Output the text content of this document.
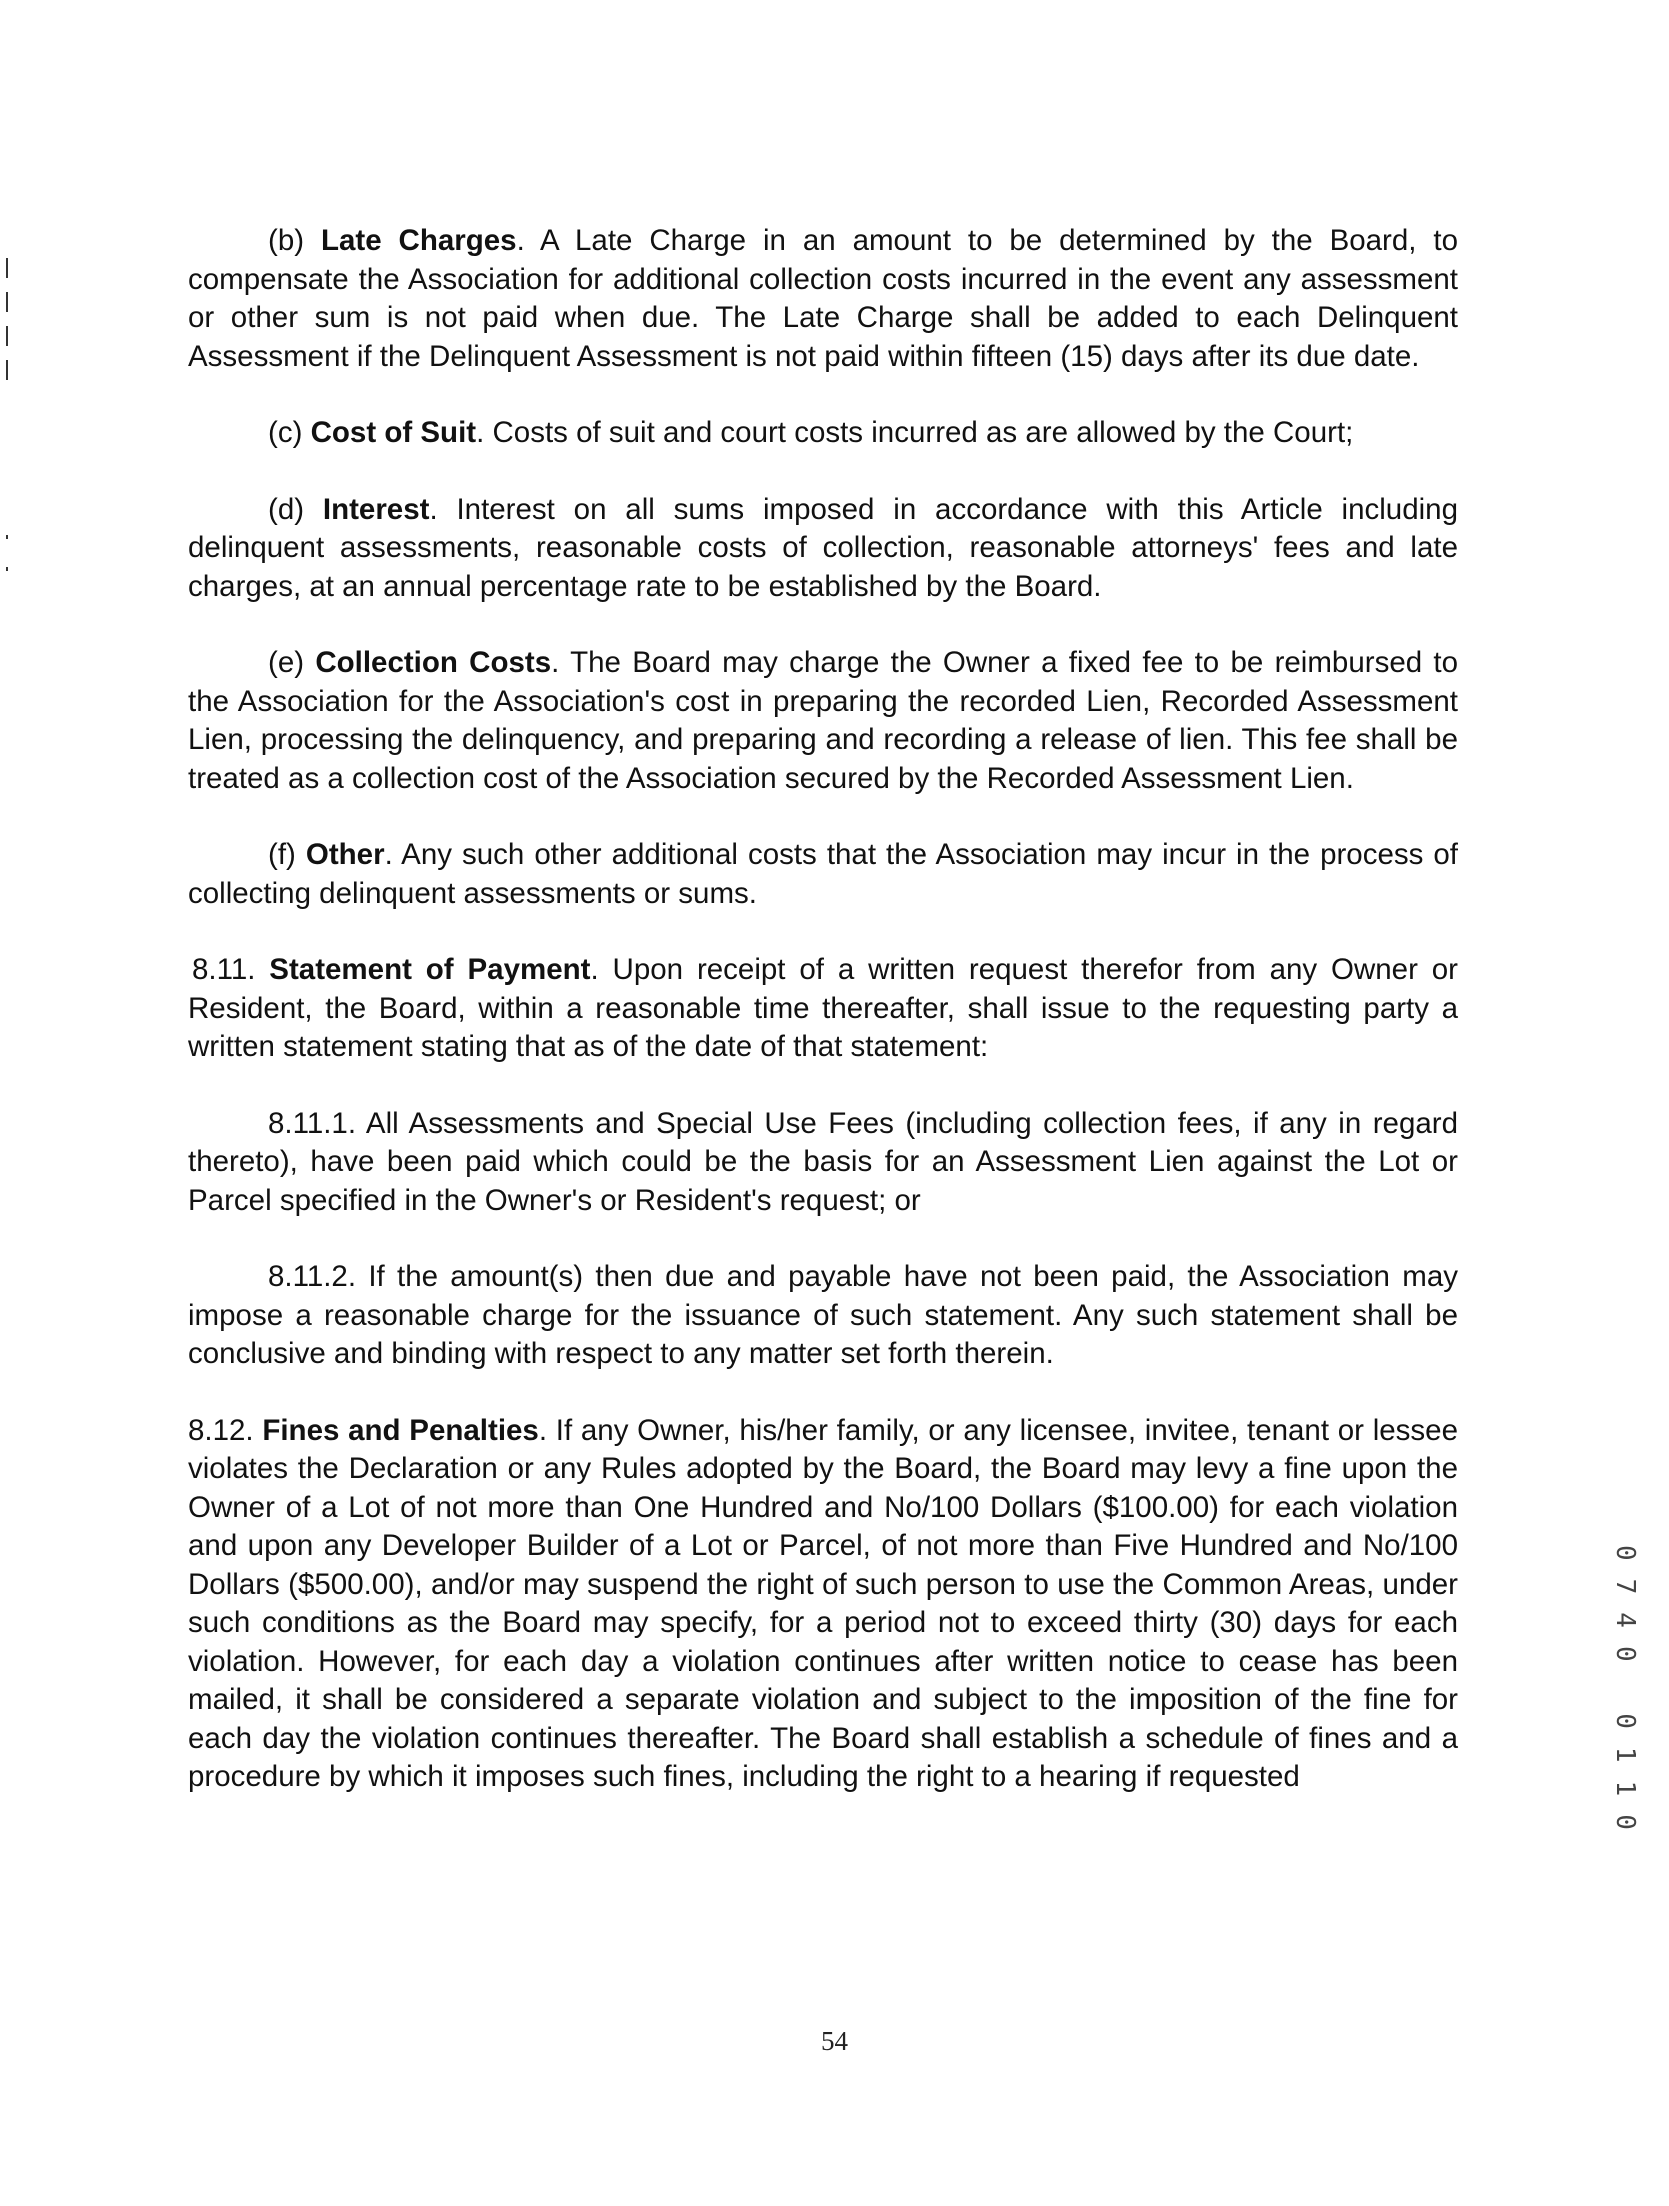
(b) Late Charges. A Late Charge in an amount to be determined by the Board, to compensate the Association for additional collection costs incurred in the event any assessment or other sum is not paid when due. The Late Charge shall be added to each Delinquent Assessment if the Delinquent Assessment is not paid within fifteen (15) days after its due date.

(c) Cost of Suit. Costs of suit and court costs incurred as are allowed by the Court;

(d) Interest. Interest on all sums imposed in accordance with this Article including delinquent assessments, reasonable costs of collection, reasonable attorneys' fees and late charges, at an annual percentage rate to be established by the Board.

(e) Collection Costs. The Board may charge the Owner a fixed fee to be reimbursed to the Association for the Association's cost in preparing the recorded Lien, Recorded Assessment Lien, processing the delinquency, and preparing and recording a release of lien. This fee shall be treated as a collection cost of the Association secured by the Recorded Assessment Lien.

(f) Other. Any such other additional costs that the Association may incur in the process of collecting delinquent assessments or sums.

8.11. Statement of Payment. Upon receipt of a written request therefor from any Owner or Resident, the Board, within a reasonable time thereafter, shall issue to the requesting party a written statement stating that as of the date of that statement:

8.11.1. All Assessments and Special Use Fees (including collection fees, if any in regard thereto), have been paid which could be the basis for an Assessment Lien against the Lot or Parcel specified in the Owner's or Resident's request; or

8.11.2. If the amount(s) then due and payable have not been paid, the Association may impose a reasonable charge for the issuance of such statement. Any such statement shall be conclusive and binding with respect to any matter set forth therein.

8.12. Fines and Penalties. If any Owner, his/her family, or any licensee, invitee, tenant or lessee violates the Declaration or any Rules adopted by the Board, the Board may levy a fine upon the Owner of a Lot of not more than One Hundred and No/100 Dollars ($100.00) for each violation and upon any Developer Builder of a Lot or Parcel, of not more than Five Hundred and No/100 Dollars ($500.00), and/or may suspend the right of such person to use the Common Areas, under such conditions as the Board may specify, for a period not to exceed thirty (30) days for each violation. However, for each day a violation continues after written notice to cease has been mailed, it shall be considered a separate violation and subject to the imposition of the fine for each day the violation continues thereafter. The Board shall establish a schedule of fines and a procedure by which it imposes such fines, including the right to a hearing if requested	0740 0110
54
